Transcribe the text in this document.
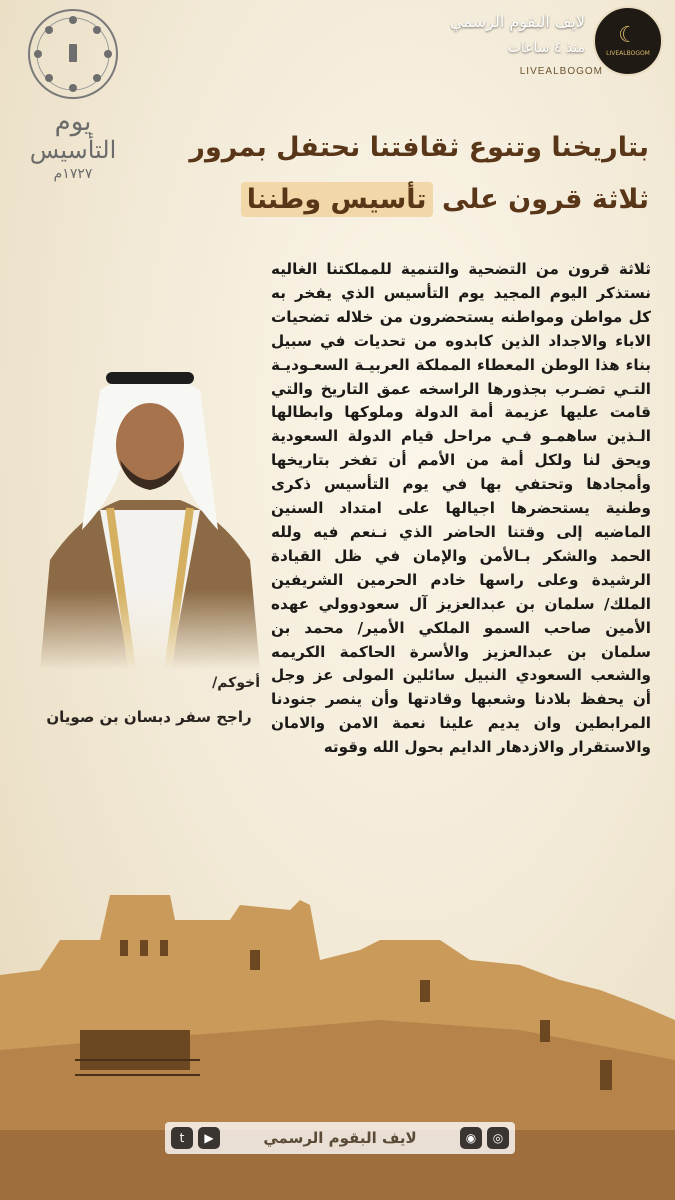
☾
LIVEALBOGOM
لايف البقوم الرسمي
منذ ٤ ساعات
LIVEALBOGOM
يوم
التأسيس
١٧٢٧م
بتاريخنا وتنوع ثقافتنا نحتفل بمرور
ثلاثة قرون على تأسيس وطننا
ثلاثة قرون من التضحية والتنمية للمملكتنا الغاليه نستذكر اليوم المجيد يوم التأسيس الذي يفخر به كل مواطن ومواطنه يستحضرون من خلاله تضحيات الاباء والاجداد الذين كابدوه من تحديات في سبيل بناء هذا الوطن المعطاء المملكة العربيـة السعـوديـة التـي تضـرب بجذورها الراسخه عمق التاريخ والتي قامت عليها عزيمة أمة الدولة وملوكها وابطالها الـذين ساهمـو فـي مراحل قيام الدولة السعودية ويحق لنا ولكل أمة من الأمم أن تفخر بتاريخها وأمجادها وتحتفي بها في يوم التأسيس ذكرى وطنية يستحضرها اجيالها على امتداد السنين الماضيه إلى وقتنا الحاضر الذي نـنعم فيه ولله الحمد والشكر بـالأمن والإمان في ظل القيادة الرشيدة وعلى راسها خادم الحرمين الشريفين الملك/ سلمان بن عبدالعزيز آل سعودوولي عهده الأمين صاحب السمو الملكي الأمير/ محمد بن سلمان بن عبدالعزيز والأسرة الحاكمة الكريمه والشعب السعودي النبيل سائلين المولى عز وجل أن يحفظ بلادنا وشعبها وقادتها وأن ينصر جنودنا المرابطين وان يديم علينا نعمة الامن والامان والاستقرار والازدهار الدايم بحول الله وقوته
أخوكم/
راجح سفر دبسان بن صويان
t	▶	لايف البقوم الرسمي	◉	◎
